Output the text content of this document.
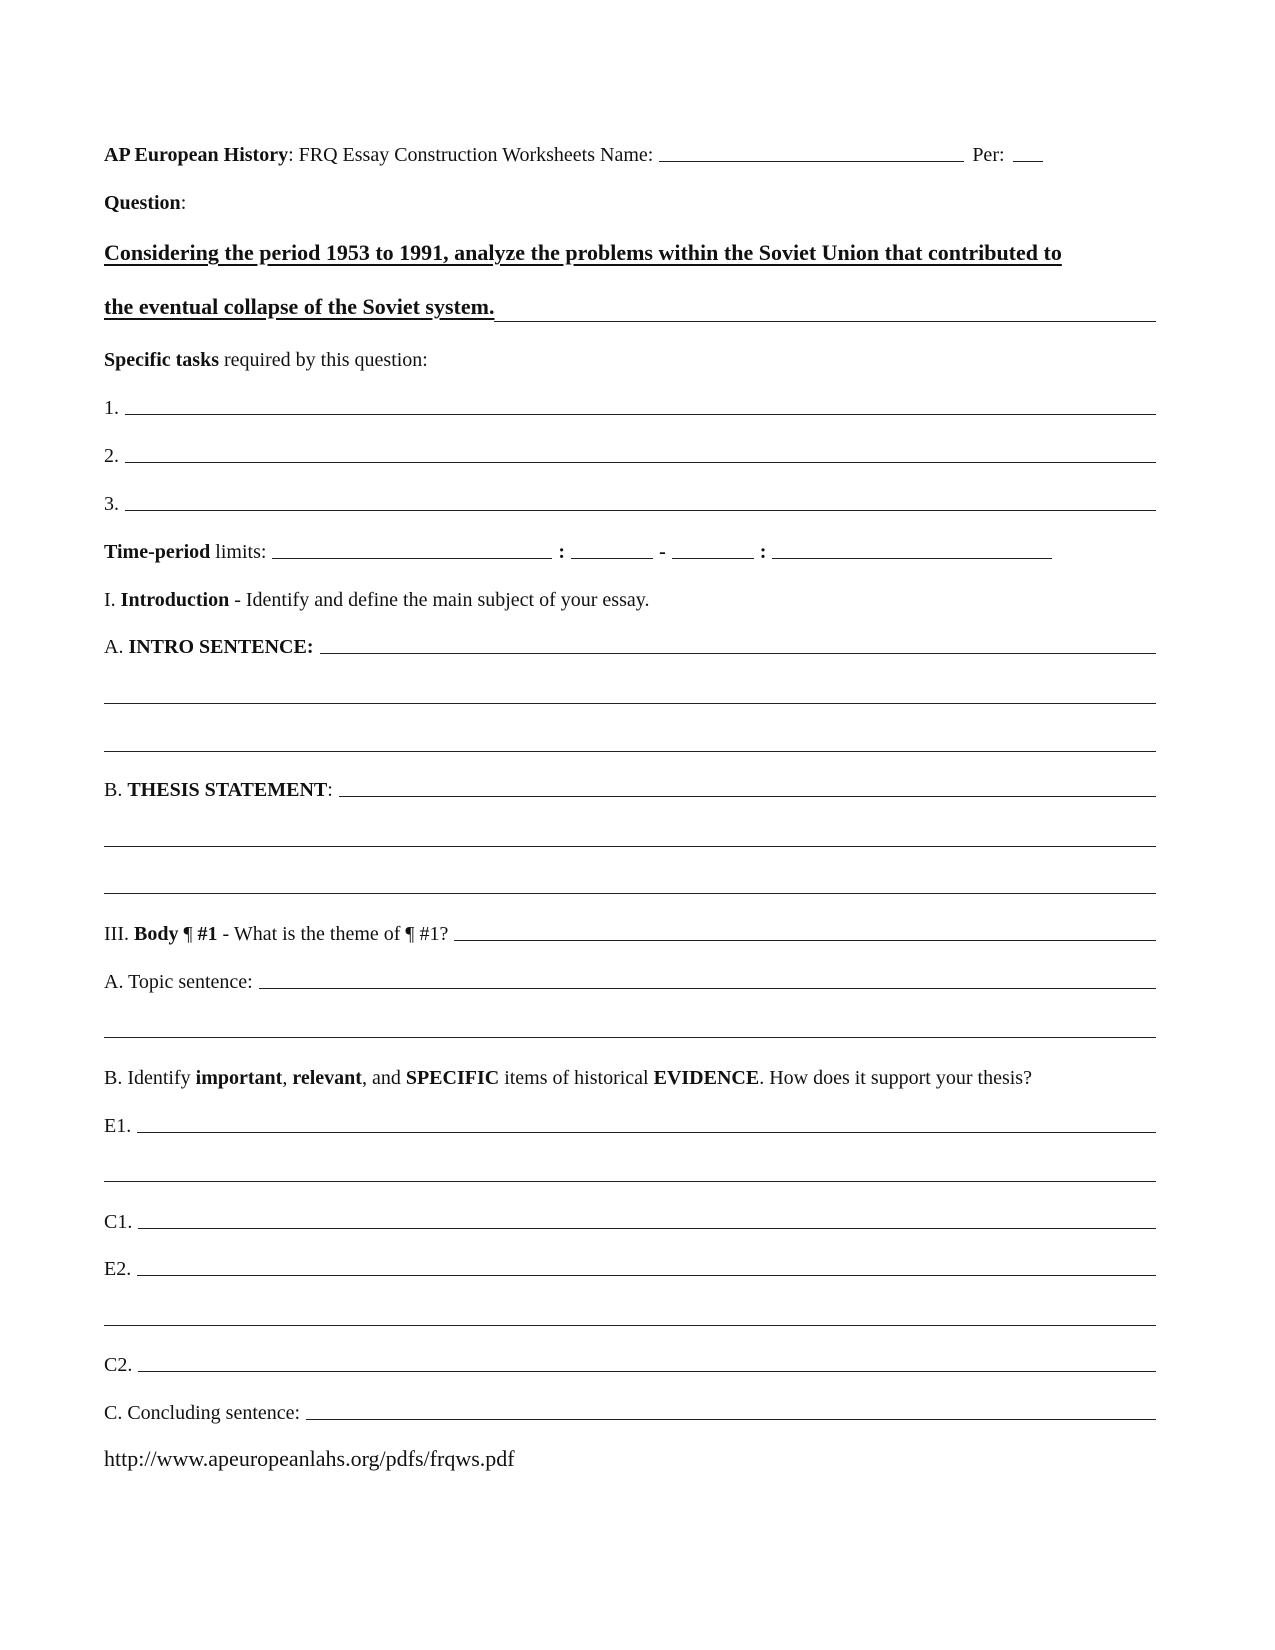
AP European History : FRQ Essay Construction Worksheets Name:	Per:
Question :
Considering the period 1953 to 1991, analyze the problems within the Soviet Union that contributed to
the eventual collapse of the Soviet system.
Specific tasks required by this question:
1.
2.
3.
Time-period limits:	:	-	:
I. Introduction - Identify and define the main subject of your essay.
A. INTRO SENTENCE:
B. THESIS STATEMENT :
III. Body ¶ #1 - What is the theme of ¶ #1?
A. Topic sentence:
B. Identify important , relevant , and SPECIFIC items of historical EVIDENCE . How does it support your thesis?
E1.
C1.
E2.
C2.
C. Concluding sentence:
http://www.apeuropeanlahs.org/pdfs/frqws.pdf
